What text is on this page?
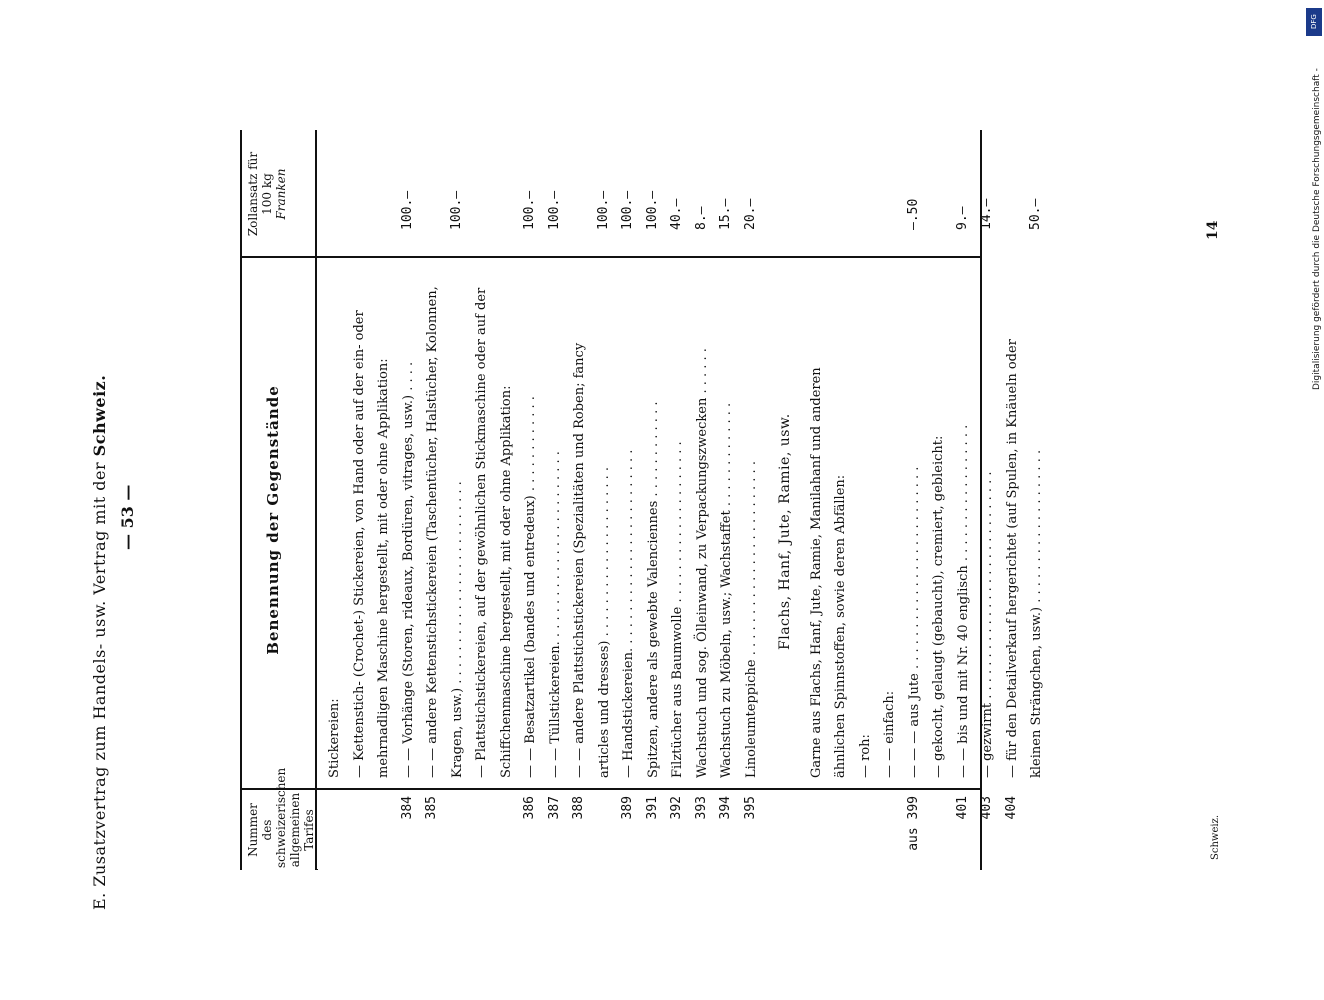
E. Zusatzvertrag zum Handels- usw. Vertrag mit der Schweiz.
— 53 —
Nummer des schweizerischen allgemeinen Tarifes
Benennung der Gegenstände
Zollansatz für 100 kg Franken
Stickereien: — Kettenstich- (Crochet-) Stickereien, von Hand oder auf der ein- oder mehrnadligen Maschine hergestellt, mit oder ohne Applikation:
384
— — Vorhänge (Storen, rideaux, Bordüren, vitrages, usw.) . . . .
100.—
385
— — andere Kettenstichstickereien (Taschentücher, Halstücher, Kolonnen, Kragen, usw.) . . . . . . . . . . . . . . . . . . . . . . . . .
100.—
— Plattstichstickereien, auf der gewöhnlichen Stickmaschine oder auf der Schiffchenmaschine hergestellt, mit oder ohne Applikation:
386
— — Besatzartikel (bandes und entredeux) . . . . . . . . . . . .
100.—
387
— — Tüllstickereien. . . . . . . . . . . . . . . . . . . . . . . .
100.—
388
— — andere Plattstichstickereien (Spezialitäten und Roben; fancy articles und dresses) . . . . . . . . . . . . . . . . . . . . .
100.—
389
— Handstickereien. . . . . . . . . . . . . . . . . . . . . . . . .
100.—
391
Spitzen, andere als gewebte Valenciennes . . . . . . . . . . . .
100.—
392
Filztücher aus Baumwolle . . . . . . . . . . . . . . . . . . . .
40.—
393
Wachstuch und sog. Ölleinwand, zu Verpackungszwecken . . . . . .
8.—
394
Wachstuch zu Möbeln, usw.; Wachstaffet . . . . . . . . . . . . .
15.—
395
Linoleumteppiche . . . . . . . . . . . . . . . . . . . . . . . .
20.—
Flachs, Hanf, Jute, Ramie, usw. Garne aus Flachs, Hanf, Jute, Ramie, Manilahanf und anderen ähnlichen Spinnstoffen, sowie deren Abfällen: — roh: — — einfach:
aus 399
— — — aus Jute . . . . . . . . . . . . . . . . . . . . . . . . .
—.50
— gekocht, gelaugt (gebaucht), cremiert, gebleicht:
401
— — bis und mit Nr. 40 englisch . . . . . . . . . . . . . . . . .
9.—
403
— gezwirnt . . . . . . . . . . . . . . . . . . . . . . . . . . . .
14.—
404
— für den Detailverkauf hergerichtet (auf Spulen, in Knäueln oder kleinen Strängchen, usw.) . . . . . . . . . . . . . . . . . . .
50.—
14
Schweiz.
Digitalisierung gefördert durch die Deutsche Forschungsgemeinschaft -
DFG
